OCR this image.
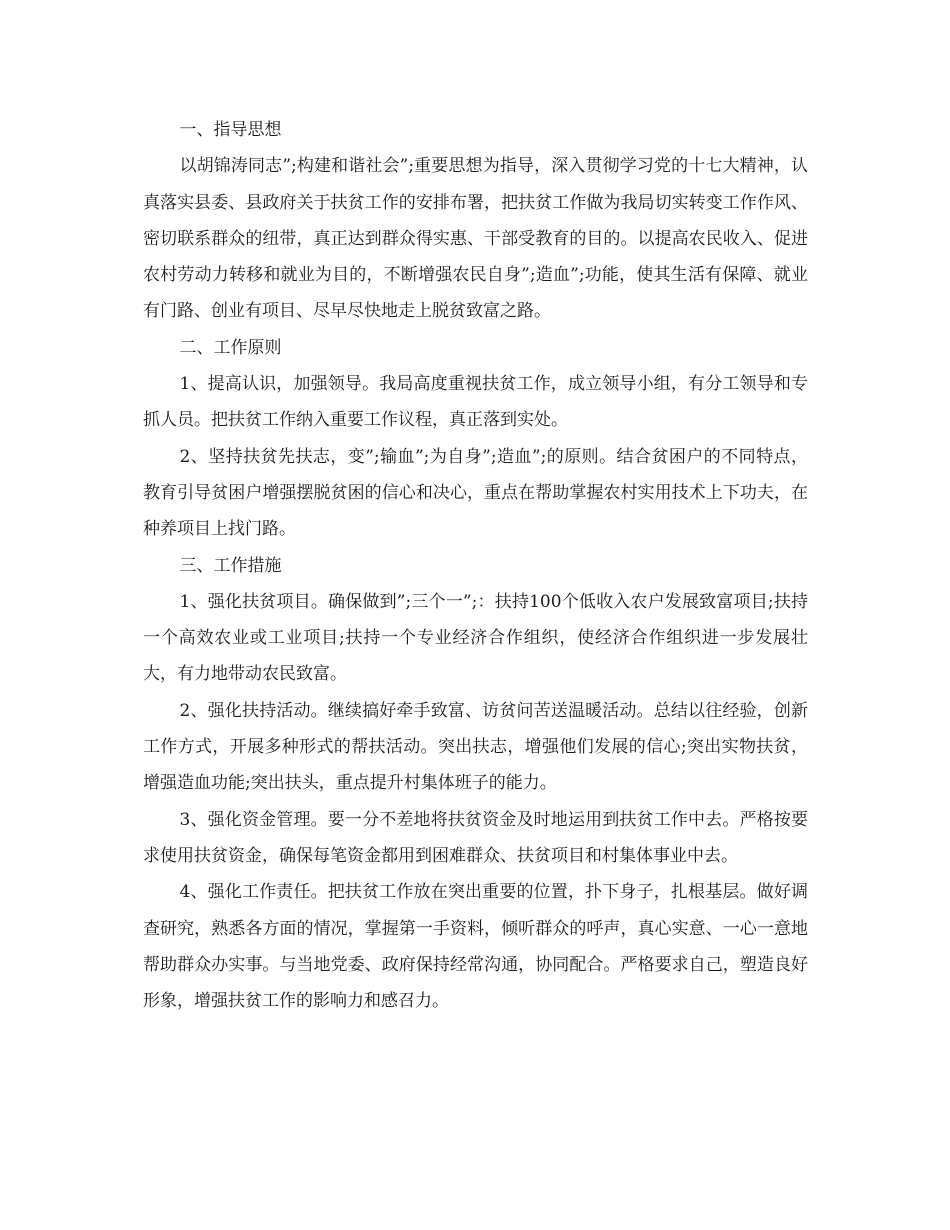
一、指导思想

以胡锦涛同志”;构建和谐社会”;重要思想为指导，深入贯彻学习党的十七大精神，认真落实县委、县政府关于扶贫工作的安排布署，把扶贫工作做为我局切实转变工作作风、密切联系群众的纽带，真正达到群众得实惠、干部受教育的目的。以提高农民收入、促进农村劳动力转移和就业为目的，不断增强农民自身”;造血”;功能，使其生活有保障、就业有门路、创业有项目、尽早尽快地走上脱贫致富之路。

二、工作原则

1、提高认识，加强领导。我局高度重视扶贫工作，成立领导小组，有分工领导和专抓人员。把扶贫工作纳入重要工作议程，真正落到实处。

2、坚持扶贫先扶志，变”;输血”;为自身”;造血”;的原则。结合贫困户的不同特点，教育引导贫困户增强摆脱贫困的信心和决心，重点在帮助掌握农村实用技术上下功夫，在种养项目上找门路。

三、工作措施

1、强化扶贫项目。确保做到”;三个一”;：扶持100个低收入农户发展致富项目;扶持一个高效农业或工业项目;扶持一个专业经济合作组织，使经济合作组织进一步发展壮大，有力地带动农民致富。

2、强化扶持活动。继续搞好牵手致富、访贫问苦送温暖活动。总结以往经验，创新工作方式，开展多种形式的帮扶活动。突出扶志，增强他们发展的信心;突出实物扶贫，增强造血功能;突出扶头，重点提升村集体班子的能力。

3、强化资金管理。要一分不差地将扶贫资金及时地运用到扶贫工作中去。严格按要求使用扶贫资金，确保每笔资金都用到困难群众、扶贫项目和村集体事业中去。

4、强化工作责任。把扶贫工作放在突出重要的位置，扑下身子，扎根基层。做好调查研究，熟悉各方面的情况，掌握第一手资料，倾听群众的呼声，真心实意、一心一意地帮助群众办实事。与当地党委、政府保持经常沟通，协同配合。严格要求自己，塑造良好形象，增强扶贫工作的影响力和感召力。
